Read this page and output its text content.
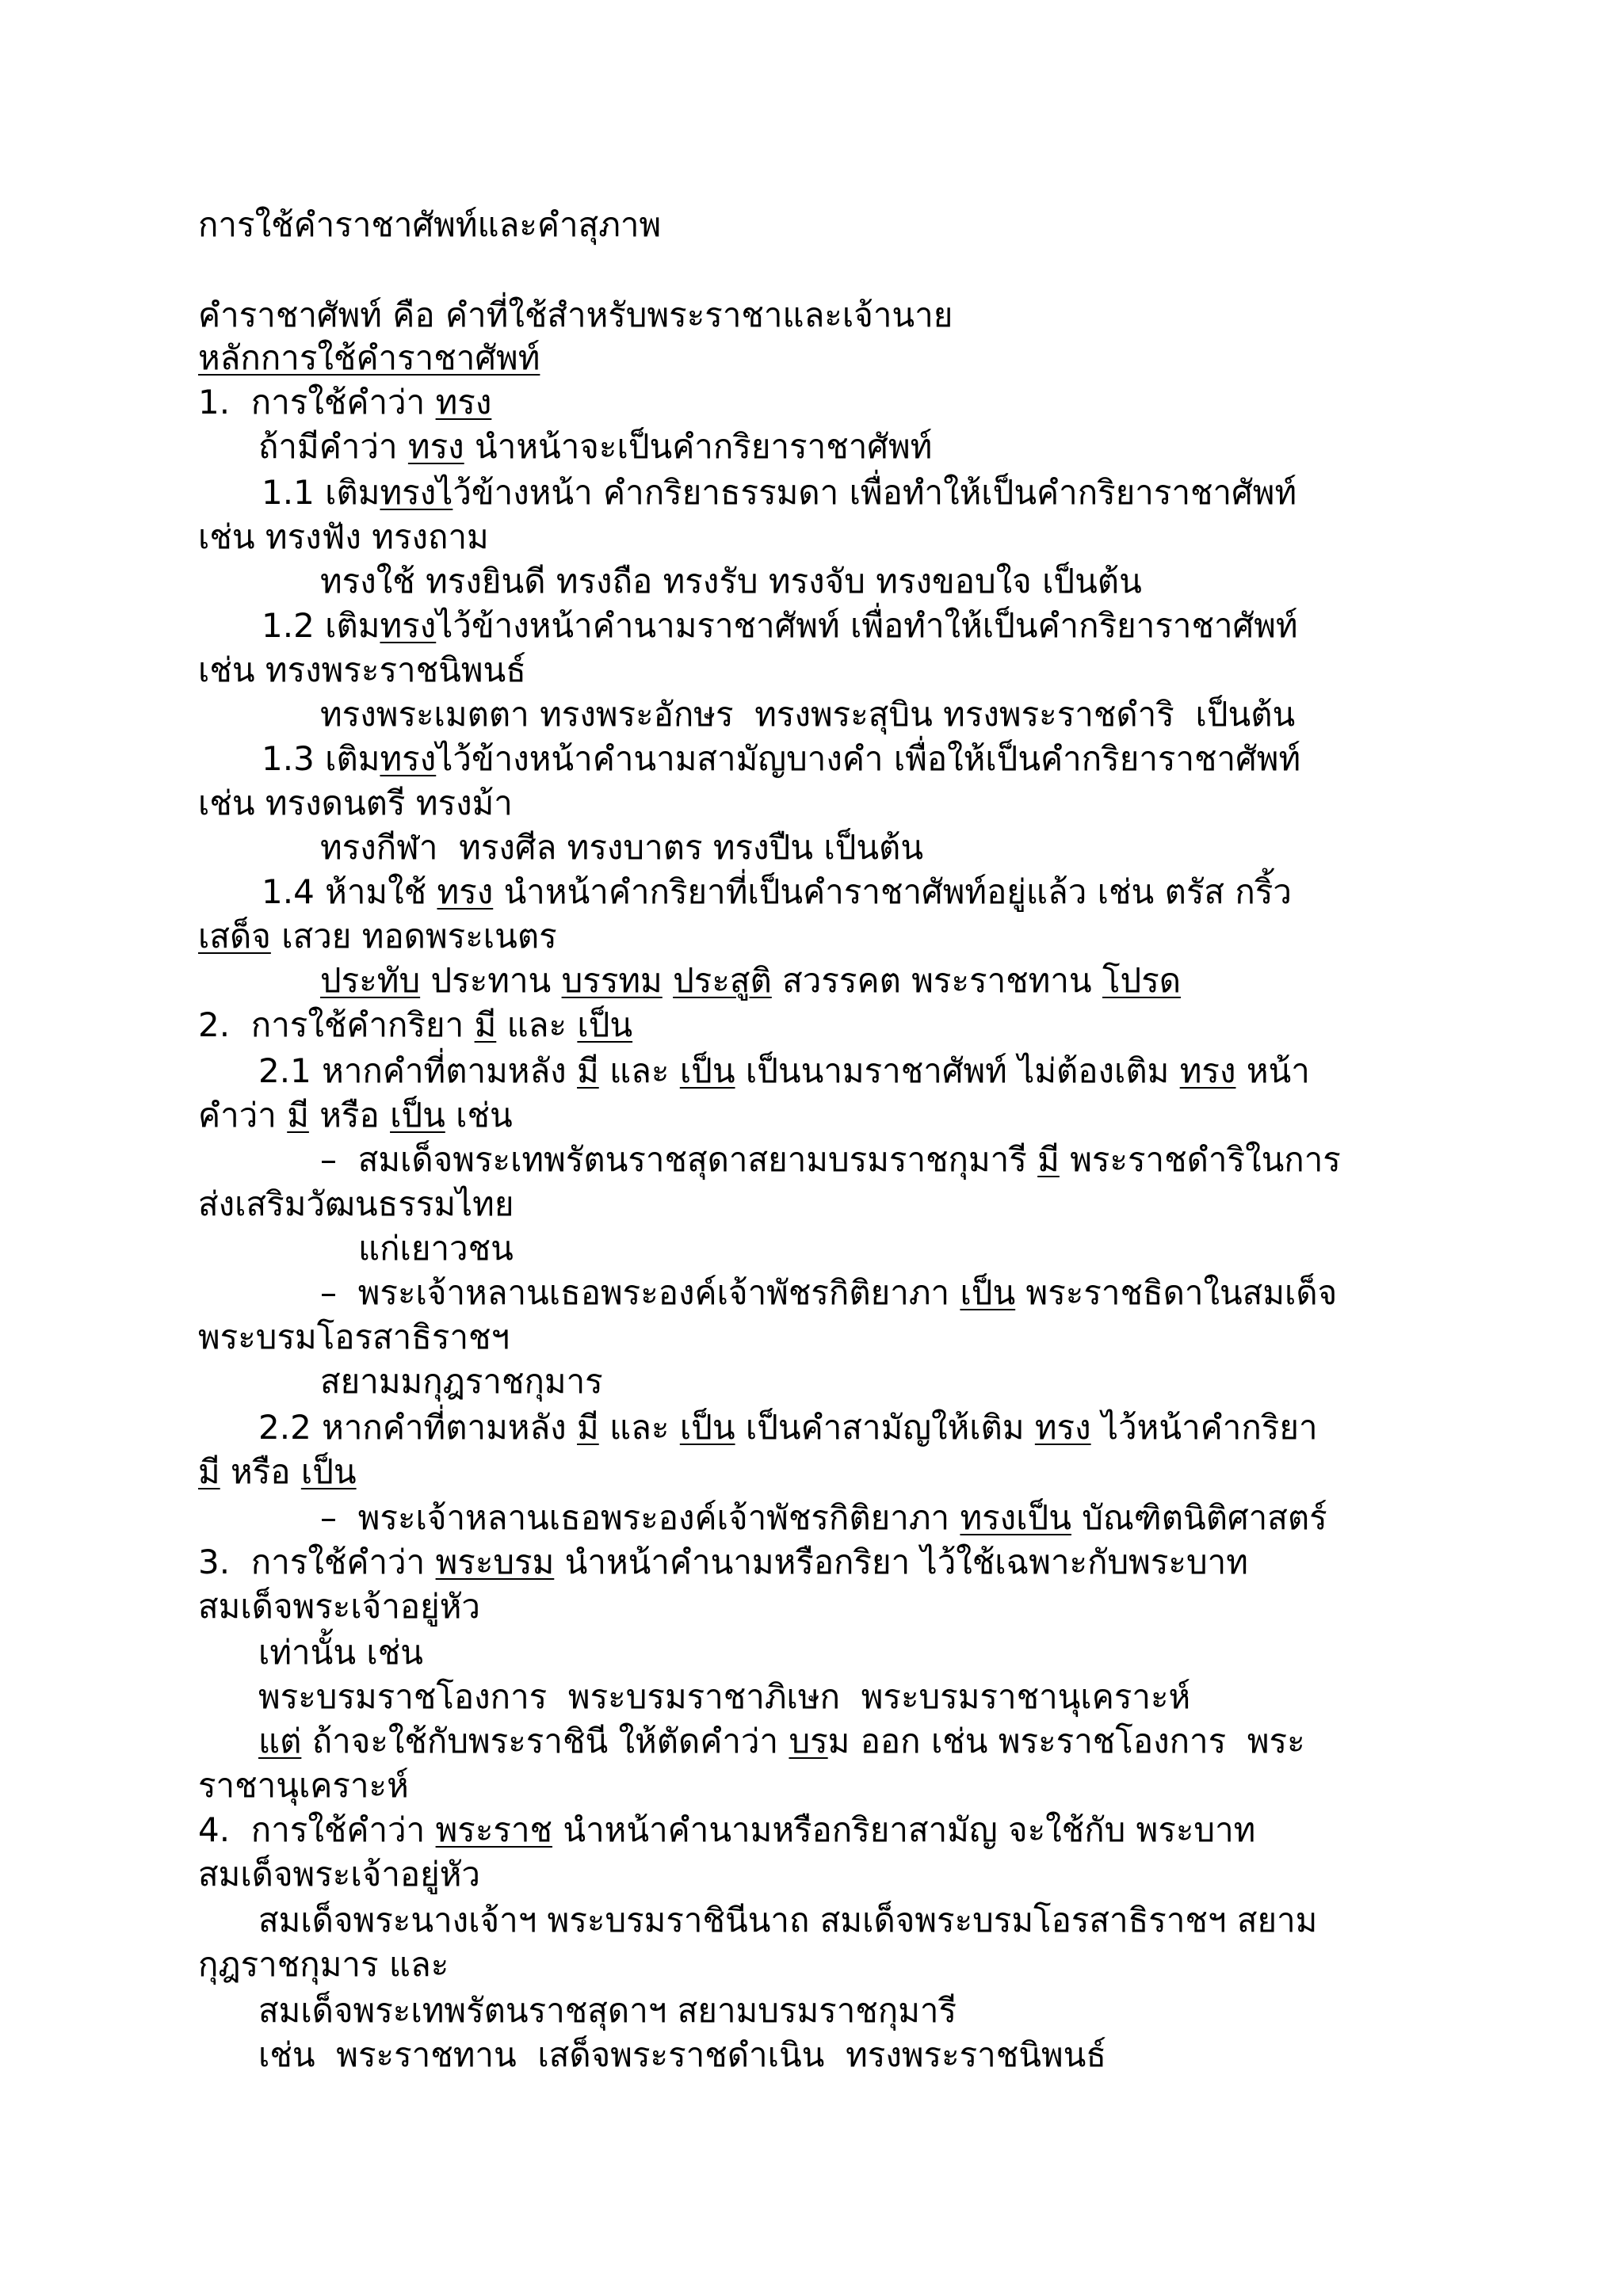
การใช้คำราชาศัพท์และคำสุภาพ
คำราชาศัพท์ คือ คำที่ใช้สำหรับพระราชาและเจ้านาย
หลักการใช้คำราชาศัพท์
1. การใช้คำว่า ทรง
ถ้ามีคำว่า ทรง นำหน้าจะเป็นคำกริยาราชาศัพท์
1.1 เติมทรงไว้ข้างหน้า คำกริยาธรรมดา เพื่อทำให้เป็นคำกริยาราชาศัพท์
เช่น ทรงฟัง ทรงถาม
ทรงใช้ ทรงยินดี ทรงถือ ทรงรับ ทรงจับ ทรงขอบใจ เป็นต้น
1.2 เติมทรงไว้ข้างหน้าคำนามราชาศัพท์ เพื่อทำให้เป็นคำกริยาราชาศัพท์
เช่น ทรงพระราชนิพนธ์
ทรงพระเมตตา ทรงพระอักษร  ทรงพระสุบิน ทรงพระราชดำริ  เป็นต้น
1.3 เติมทรงไว้ข้างหน้าคำนามสามัญบางคำ เพื่อให้เป็นคำกริยาราชาศัพท์
เช่น ทรงดนตรี ทรงม้า
ทรงกีฬา  ทรงศีล ทรงบาตร ทรงปืน เป็นต้น
1.4 ห้ามใช้ ทรง นำหน้าคำกริยาที่เป็นคำราชาศัพท์อยู่แล้ว เช่น ตรัส กริ้ว
เสด็จ เสวย ทอดพระเนตร
ประทับ ประทาน บรรทม ประสูติ สวรรคต พระราชทาน โปรด
2. การใช้คำกริยา มี และ เป็น
2.1 หากคำที่ตามหลัง มี และ เป็น เป็นนามราชาศัพท์ ไม่ต้องเติม ทรง หน้า
คำว่า มี หรือ เป็น เช่น
–  สมเด็จพระเทพรัตนราชสุดาสยามบรมราชกุมารี มี พระราชดำริในการ
ส่งเสริมวัฒนธรรมไทย
แก่เยาวชน
–  พระเจ้าหลานเธอพระองค์เจ้าพัชรกิติยาภา เป็น พระราชธิดาในสมเด็จ
พระบรมโอรสาธิราชฯ
สยามมกุฎราชกุมาร
2.2 หากคำที่ตามหลัง มี และ เป็น เป็นคำสามัญให้เติม ทรง ไว้หน้าคำกริยา
มี หรือ เป็น
–  พระเจ้าหลานเธอพระองค์เจ้าพัชรกิติยาภา ทรงเป็น บัณฑิตนิติศาสตร์
3. การใช้คำว่า พระบรม นำหน้าคำนามหรือกริยา ไว้ใช้เฉพาะกับพระบาท
สมเด็จพระเจ้าอยู่หัว
เท่านั้น เช่น
พระบรมราชโองการ  พระบรมราชาภิเษก  พระบรมราชานุเคราะห์
แต่ ถ้าจะใช้กับพระราชินี ให้ตัดคำว่า บรม ออก เช่น พระราชโองการ  พระ
ราชานุเคราะห์
4. การใช้คำว่า พระราช นำหน้าคำนามหรือกริยาสามัญ จะใช้กับ พระบาท
สมเด็จพระเจ้าอยู่หัว
สมเด็จพระนางเจ้าฯ พระบรมราชินีนาถ สมเด็จพระบรมโอรสาธิราชฯ สยาม
กุฎราชกุมาร และ
สมเด็จพระเทพรัตนราชสุดาฯ สยามบรมราชกุมารี
เช่น  พระราชทาน  เสด็จพระราชดำเนิน  ทรงพระราชนิพนธ์
